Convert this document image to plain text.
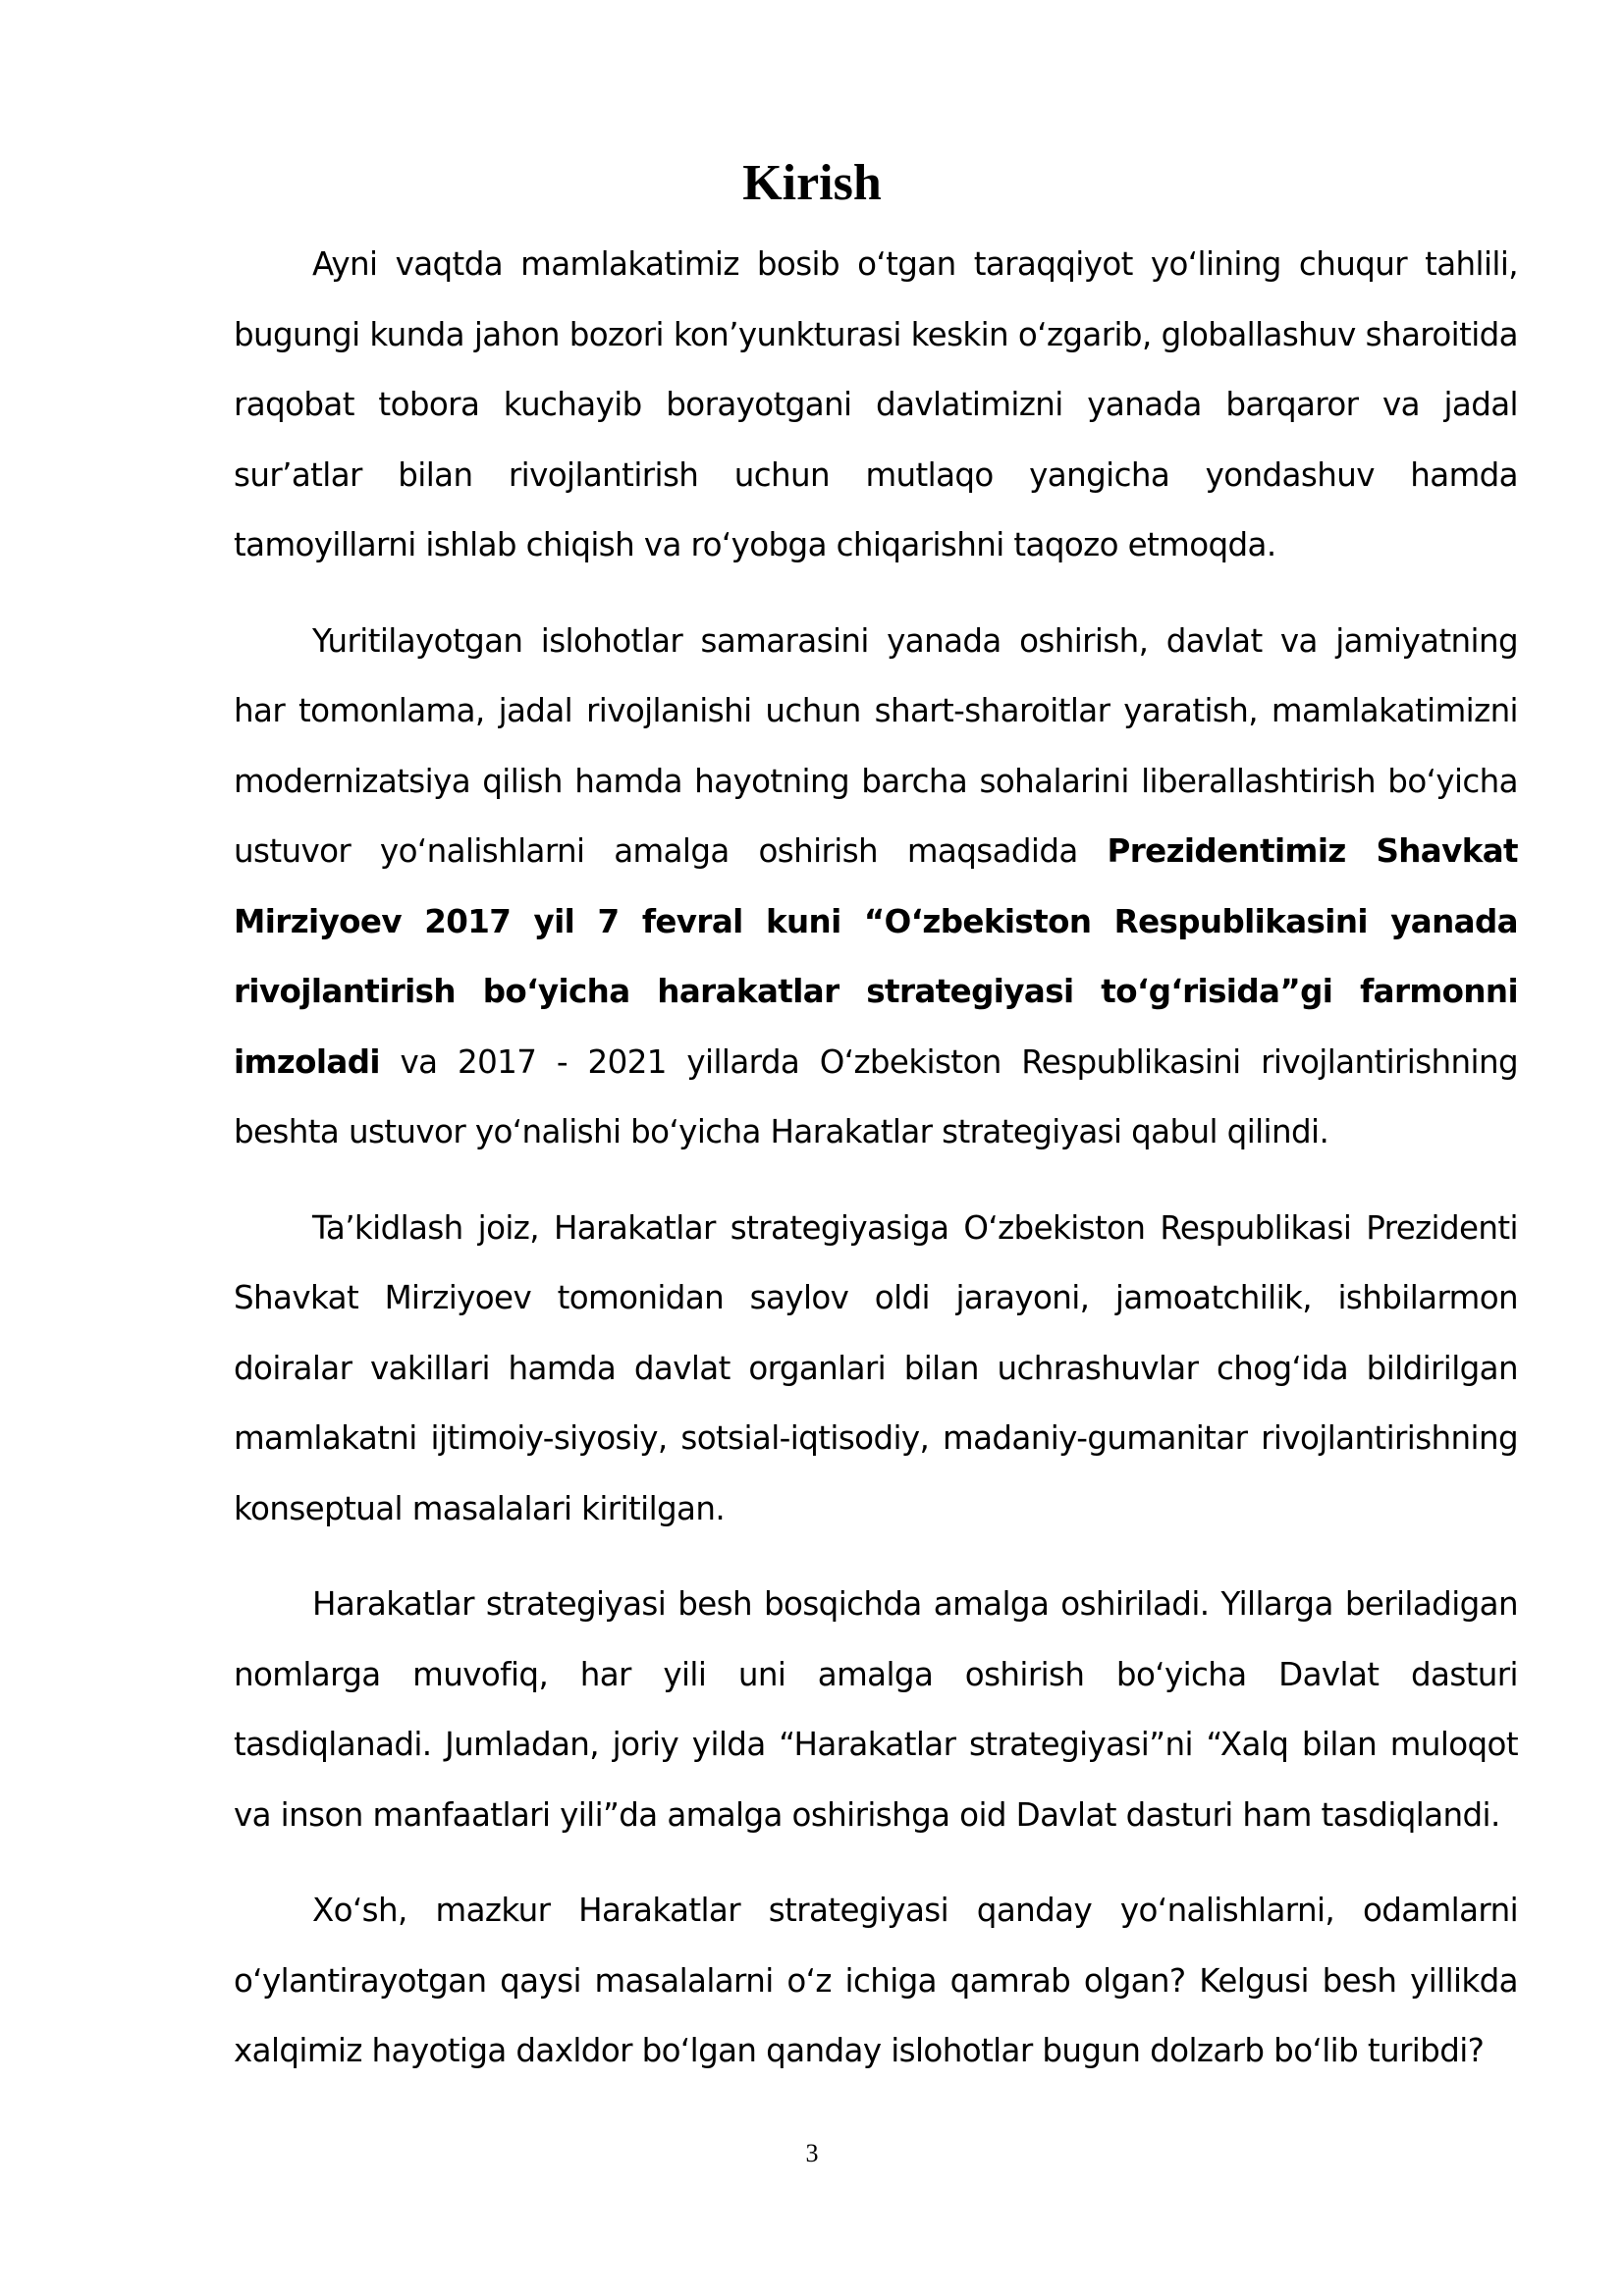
Kirish

Ayni vaqtda mamlakatimiz bosib o‘tgan taraqqiyot yo‘lining chuqur tahlili, bugungi kunda jahon bozori kon’yunkturasi keskin o‘zgarib, globallashuv sharoitida raqobat tobora kuchayib borayotgani davlatimizni yanada barqaror va jadal sur’atlar bilan rivojlantirish uchun mutlaqo yangicha yondashuv hamda tamoyillarni ishlab chiqish va ro‘yobga chiqarishni taqozo etmoqda.

Yuritilayotgan islohotlar samarasini yanada oshirish, davlat va jamiyatning har tomonlama, jadal rivojlanishi uchun shart-sharoitlar yaratish, mamlakatimizni modernizatsiya qilish hamda hayotning barcha sohalarini liberallashtirish bo‘yicha ustuvor yo‘nalishlarni amalga oshirish maqsadida Prezidentimiz Shavkat Mirziyoev 2017 yil 7 fevral kuni “O‘zbekiston Respublikasini yanada rivojlantirish bo‘yicha harakatlar strategiyasi to‘g‘risida”gi farmonni imzoladi va 2017 - 2021 yillarda O‘zbekiston Respublikasini rivojlantirishning beshta ustuvor yo‘nalishi bo‘yicha Harakatlar strategiyasi qabul qilindi.

Ta’kidlash joiz, Harakatlar strategiyasiga O‘zbekiston Respublikasi Prezidenti Shavkat Mirziyoev tomonidan saylov oldi jarayoni, jamoatchilik, ishbilarmon doiralar vakillari hamda davlat organlari bilan uchrashuvlar chog‘ida bildirilgan mamlakatni ijtimoiy-siyosiy, sotsial-iqtisodiy, madaniy-gumanitar rivojlantirishning konseptual masalalari kiritilgan.

Harakatlar strategiyasi besh bosqichda amalga oshiriladi. Yillarga beriladigan nomlarga muvofiq, har yili uni amalga oshirish bo‘yicha Davlat dasturi tasdiqlanadi. Jumladan, joriy yilda “Harakatlar strategiyasi”ni “Xalq bilan muloqot va inson manfaatlari yili”da amalga oshirishga oid Davlat dasturi ham tasdiqlandi.

Xo‘sh, mazkur Harakatlar strategiyasi qanday yo‘nalishlarni, odamlarni o‘ylantirayotgan qaysi masalalarni o‘z ichiga qamrab olgan? Kelgusi besh yillikda xalqimiz hayotiga daxldor bo‘lgan qanday islohotlar bugun dolzarb bo‘lib turibdi?

3
